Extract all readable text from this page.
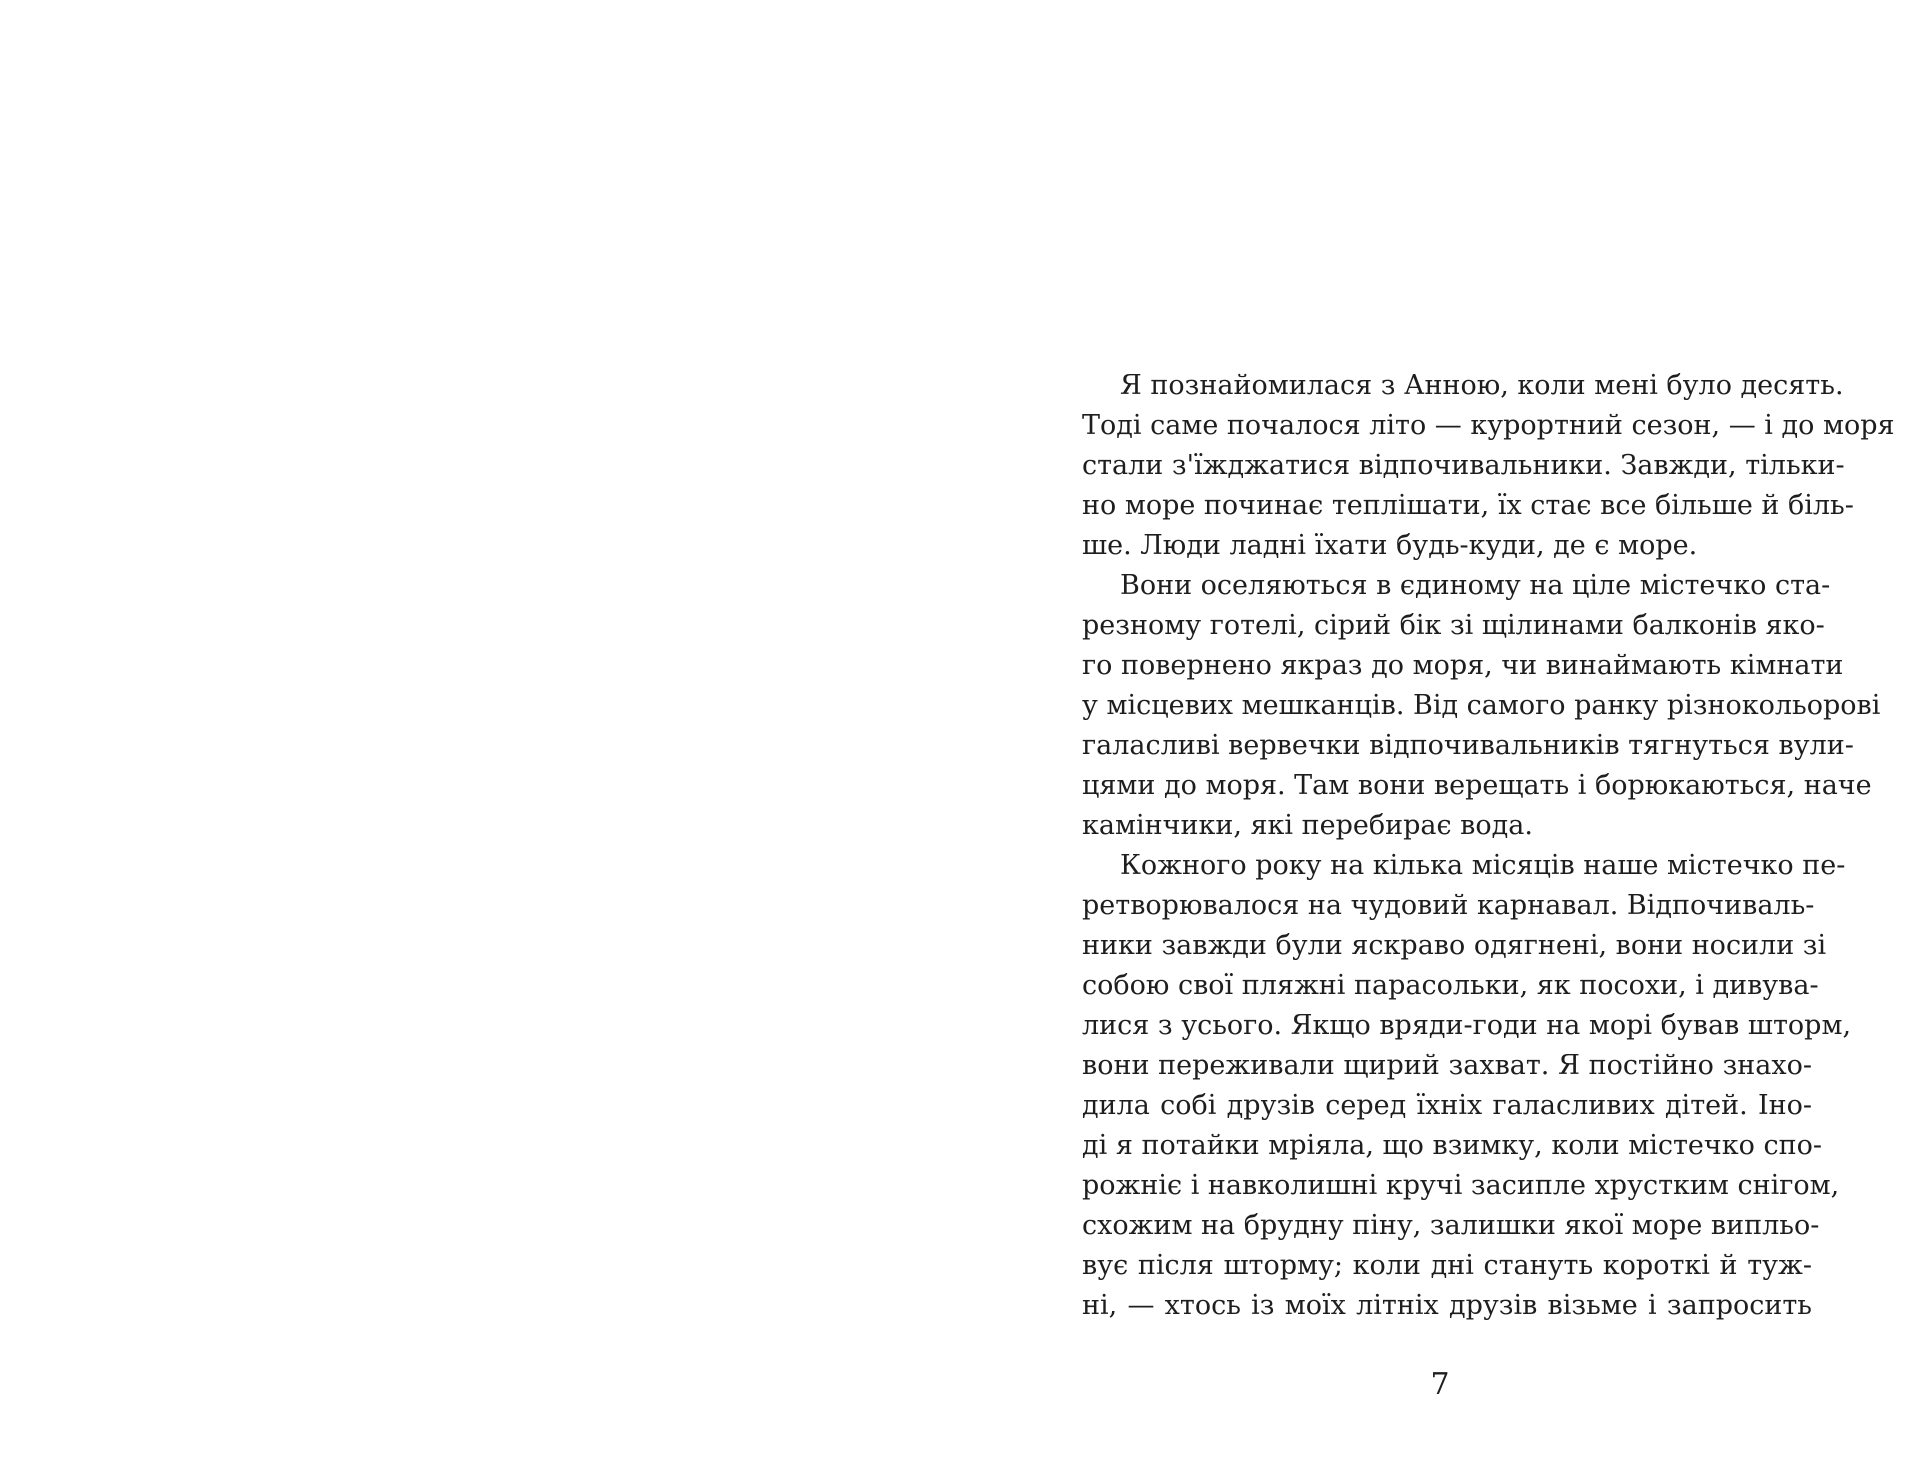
Я познайомилася з Анною, коли мені було десять.
Тоді саме почалося літо — курортний сезон, — і до моря
стали з'їжджатися відпочивальники. Завжди, тільки-
но море починає теплішати, їх стає все більше й біль-
ше. Люди ладні їхати будь-куди, де є море.
Вони оселяються в єдиному на ціле містечко ста-
резному готелі, сірий бік зі щілинами балконів яко-
го повернено якраз до моря, чи винаймають кімнати
у місцевих мешканців. Від самого ранку різнокольорові
галасливі вервечки відпочивальників тягнуться вули-
цями до моря. Там вони верещать і борюкаються, наче
камінчики, які перебирає вода.
Кожного року на кілька місяців наше містечко пе-
ретворювалося на чудовий карнавал. Відпочиваль-
ники завжди були яскраво одягнені, вони носили зі
собою свої пляжні парасольки, як посохи, і дивува-
лися з усього. Якщо вряди-годи на морі бував шторм,
вони переживали щирий захват. Я постійно знахо-
дила собі друзів серед їхніх галасливих дітей. Іно-
ді я потайки мріяла, що взимку, коли містечко спо-
рожніє і навколишні кручі засипле хрустким снігом,
схожим на брудну піну, залишки якої море випльо-
вує після шторму; коли дні стануть короткі й туж-
ні, — хтось із моїх літніх друзів візьме і запросить
7
